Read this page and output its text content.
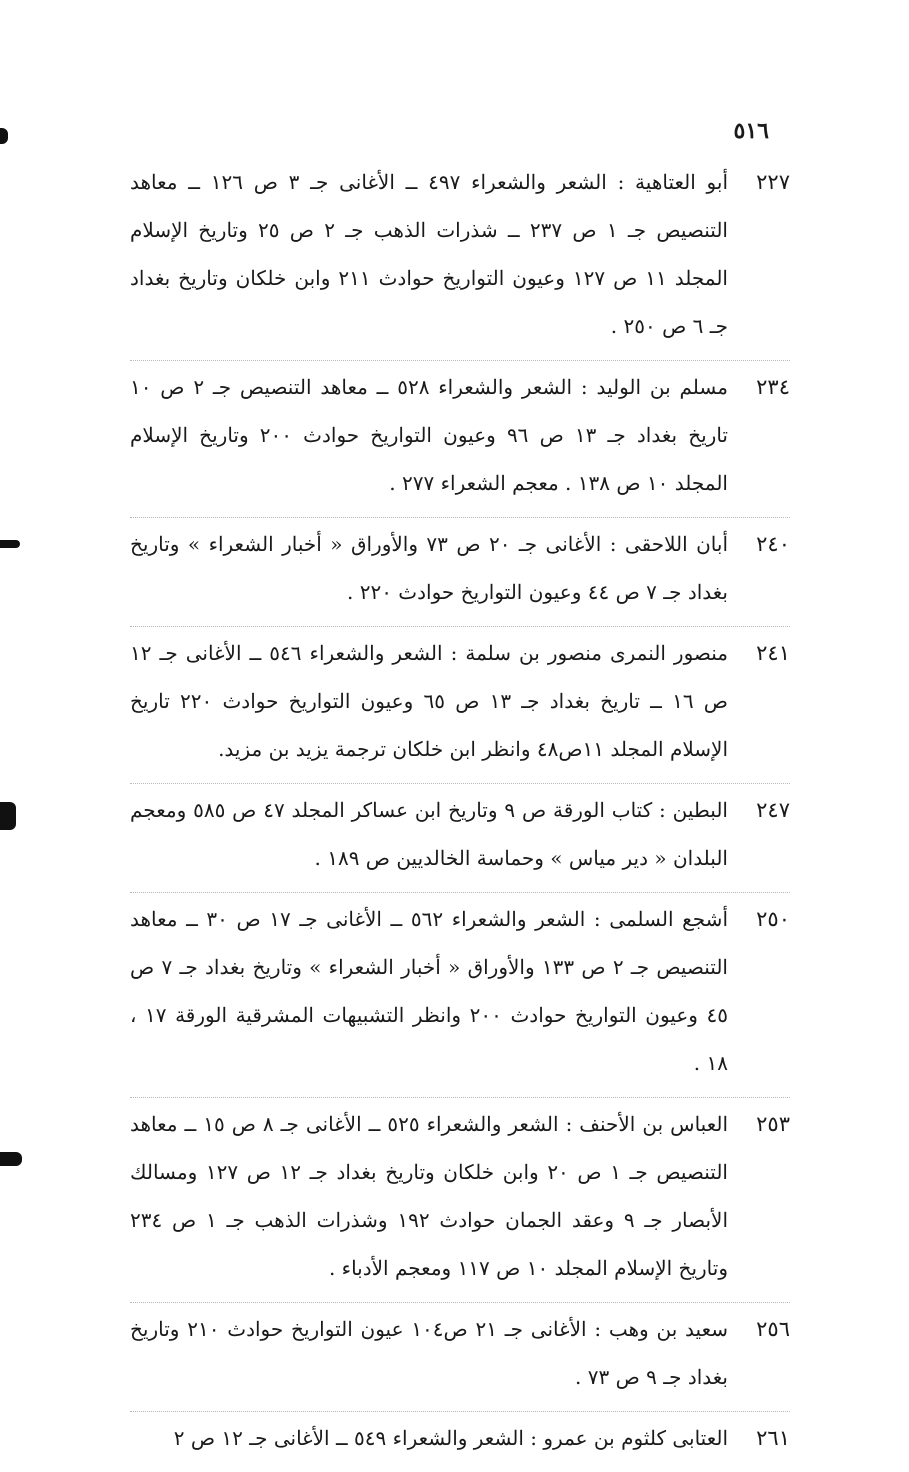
٥١٦
٢٢٧
أبو العتاهية : الشعر والشعراء ٤٩٧ ــ الأغانى جـ ٣ ص ١٢٦ ــ معاهد التنصيص جـ ١ ص ٢٣٧ ــ شذرات الذهب جـ ٢ ص ٢٥ وتاريخ الإسلام المجلد ١١ ص ١٢٧ وعيون التواريخ حوادث ٢١١ وابن خلكان وتاريخ بغداد جـ ٦ ص ٢٥٠ .
٢٣٤
مسلم بن الوليد : الشعر والشعراء ٥٢٨ ــ معاهد التنصيص جـ ٢ ص ١٠ تاريخ بغداد جـ ١٣ ص ٩٦ وعيون التواريخ حوادث ٢٠٠ وتاريخ الإسلام المجلد ١٠ ص ١٣٨ . معجم الشعراء ٢٧٧ .
٢٤٠
أبان اللاحقى : الأغانى جـ ٢٠ ص ٧٣ والأوراق « أخبار الشعراء » وتاريخ بغداد جـ ٧ ص ٤٤ وعيون التواريخ حوادث ٢٢٠ .
٢٤١
منصور النمرى منصور بن سلمة : الشعر والشعراء ٥٤٦ ــ الأغانى جـ ١٢ ص ١٦ ــ تاريخ بغداد جـ ١٣ ص ٦٥ وعيون التواريخ حوادث ٢٢٠ تاريخ الإسلام المجلد ١١ص٤٨ وانظر ابن خلكان ترجمة يزيد بن مزيد.
٢٤٧
البطين : كتاب الورقة ص ٩ وتاريخ ابن عساكر المجلد ٤٧ ص ٥٨٥ ومعجم البلدان « دير مياس » وحماسة الخالديين ص ١٨٩ .
٢٥٠
أشجع السلمى : الشعر والشعراء ٥٦٢ ــ الأغانى جـ ١٧ ص ٣٠ ــ معاهد التنصيص جـ ٢ ص ١٣٣ والأوراق « أخبار الشعراء » وتاريخ بغداد جـ ٧ ص ٤٥ وعيون التواريخ حوادث ٢٠٠ وانظر التشبيهات المشرقية الورقة ١٧ ، ١٨ .
٢٥٣
العباس بن الأحنف : الشعر والشعراء ٥٢٥ ــ الأغانى جـ ٨ ص ١٥ ــ معاهد التنصيص جـ ١ ص ٢٠ وابن خلكان وتاريخ بغداد جـ ١٢ ص ١٢٧ ومسالك الأبصار جـ ٩ وعقد الجمان حوادث ١٩٢ وشذرات الذهب جـ ١ ص ٢٣٤ وتاريخ الإسلام المجلد ١٠ ص ١١٧ ومعجم الأدباء .
٢٥٦
سعيد بن وهب : الأغانى جـ ٢١ ص١٠٤ عيون التواريخ حوادث ٢١٠ وتاريخ بغداد جـ ٩ ص ٧٣ .
٢٦١
العتابى كلثوم بن عمرو : الشعر والشعراء ٥٤٩ ــ الأغانى جـ ١٢ ص ٢
